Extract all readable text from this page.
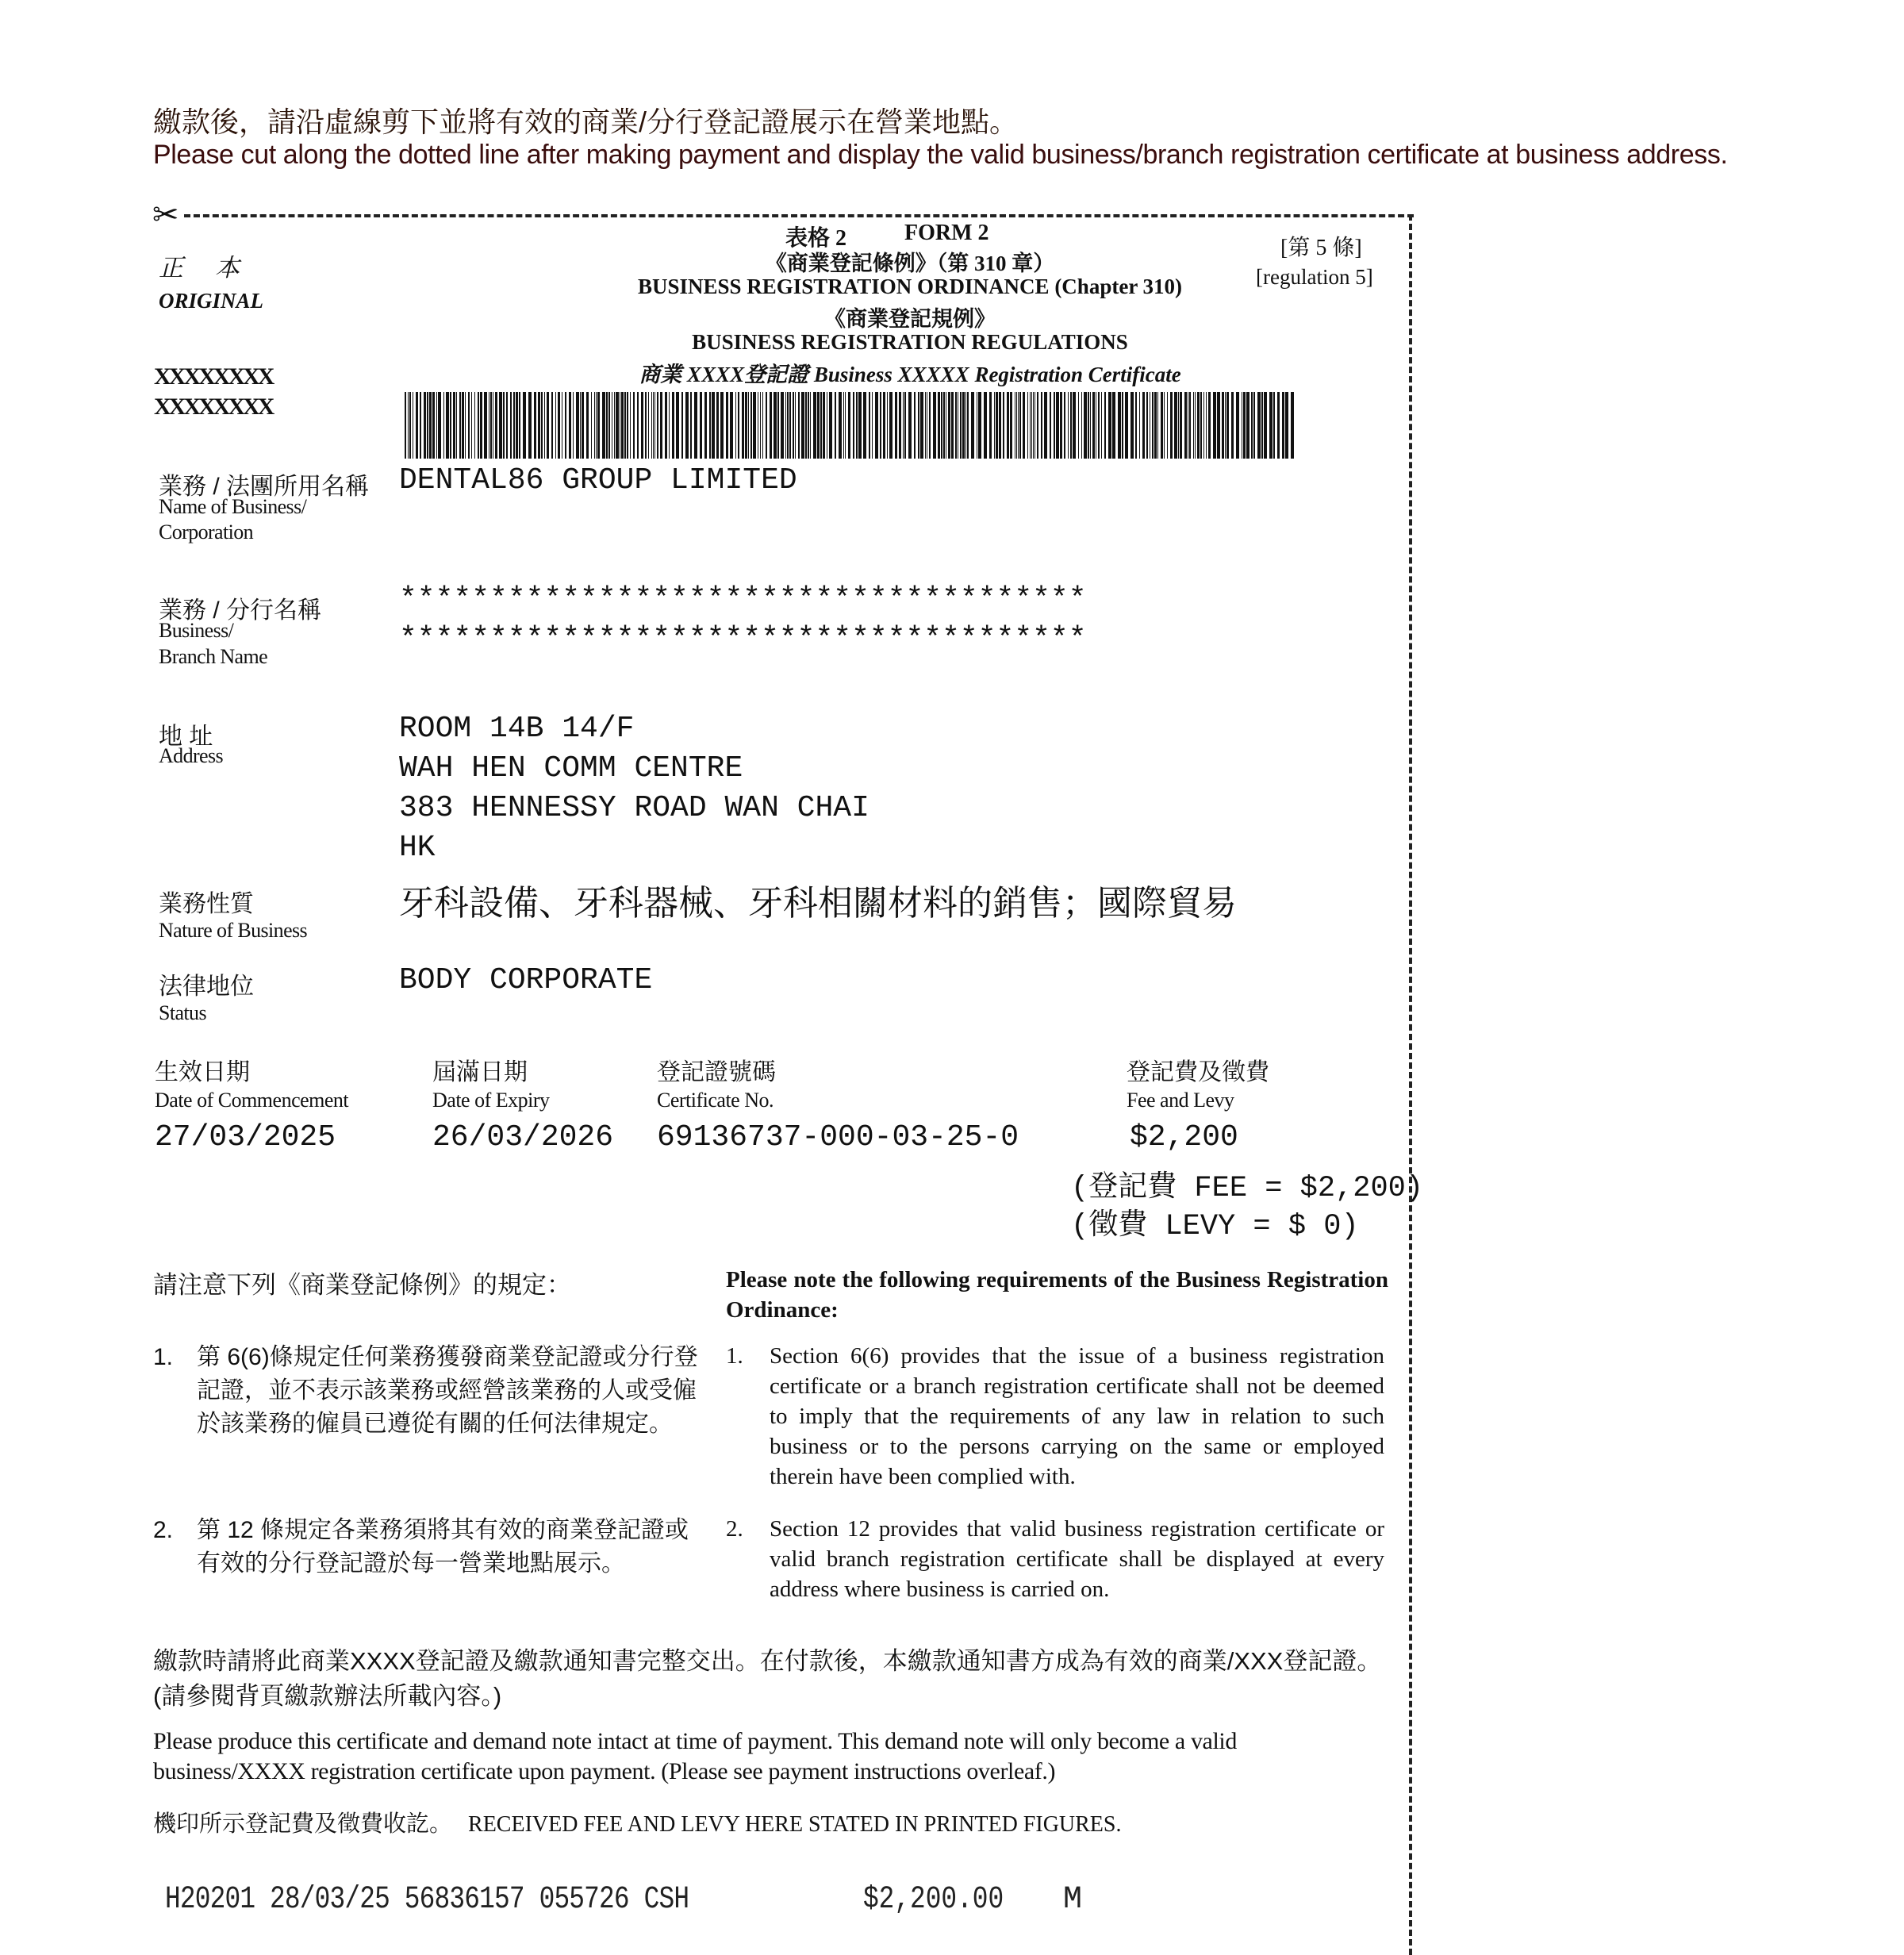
繳款後，請沿虛線剪下並將有效的商業/分行登記證展示在營業地點。
Please cut along the dotted line after making payment and display the valid business/branch registration certificate at business address.
✂
表格 2	FORM 2
《商業登記條例》（第 310 章）
BUSINESS REGISTRATION ORDINANCE (Chapter 310)
《商業登記規例》
BUSINESS REGISTRATION REGULATIONS
商業 XXXX登記證 Business XXXXX Registration Certificate
[第 5 條]
[regulation 5]
正本
ORIGINAL
XXXXXXXX
XXXXXXXX
業務 / 法團所用名稱
Name of Business/
Corporation
DENTAL86 GROUP LIMITED
業務 / 分行名稱
Business/
Branch Name
**************************************
**************************************
地 址
Address
ROOM 14B 14/F
WAH HEN COMM CENTRE
383 HENNESSY ROAD WAN CHAI
HK
業務性質
Nature of Business
牙科設備、牙科器械、牙科相關材料的銷售；國際貿易
法律地位
Status
BODY CORPORATE
生效日期
Date of Commencement
27/03/2025
屆滿日期
Date of Expiry
26/03/2026
登記證號碼
Certificate No.
69136737-000-03-25-0
登記費及徵費
Fee and Levy
$2,200
(登記費 FEE = $2,200)
(徵費 LEVY = $ 0)
請注意下列《商業登記條例》的規定：	Please note the following requirements of the Business Registration Ordinance:
1. 第 6(6)條規定任何業務獲發商業登記證或分行登記證，並不表示該業務或經營該業務的人或受僱於該業務的僱員已遵從有關的任何法律規定。
1. Section 6(6) provides that the issue of a business registration certificate or a branch registration certificate shall not be deemed to imply that the requirements of any law in relation to such business or to the persons carrying on the same or employed therein have been complied with.
2. 第 12 條規定各業務須將其有效的商業登記證或有效的分行登記證於每一營業地點展示。
2. Section 12 provides that valid business registration certificate or valid branch registration certificate shall be displayed at every address where business is carried on.
繳款時請將此商業XXXX登記證及繳款通知書完整交出。在付款後，本繳款通知書方成為有效的商業/XXX登記證。(請參閱背頁繳款辦法所載內容。)
Please produce this certificate and demand note intact at time of payment. This demand note will only become a valid business/XXXX registration certificate upon payment. (Please see payment instructions overleaf.)
機印所示登記費及徵費收訖。 RECEIVED FEE AND LEVY HERE STATED IN PRINTED FIGURES.
H20201 28/03/25 56836157 055726 CSH	$2,200.00 M
